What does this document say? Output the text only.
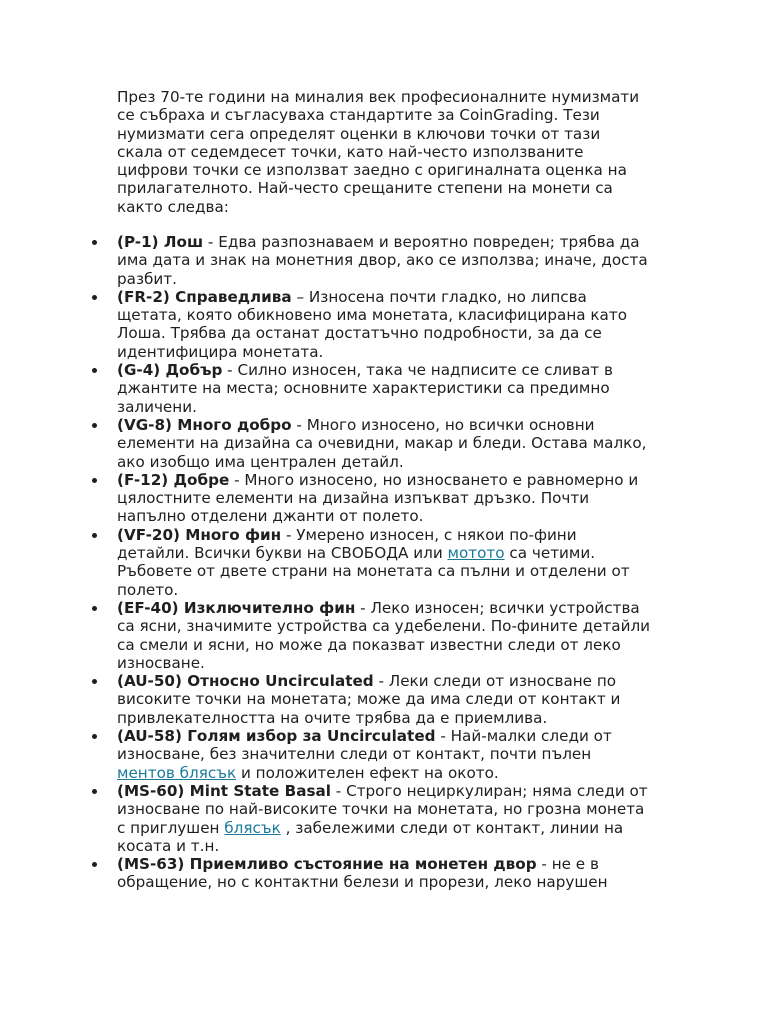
През 70-те години на миналия век професионалните нумизмати се събраха и съгласуваха стандартите за CoinGrading. Тези нумизмати сега определят оценки в ключови точки от тази скала от седемдесет точки, като най-често използваните цифрови точки се използват заедно с оригиналната оценка на прилагателното. Най-често срещаните степени на монети са както следва:

(P-1) Лош - Едва разпознаваем и вероятно повреден; трябва да има дата и знак на монетния двор, ако се използва; иначе, доста разбит.
(FR-2) Справедлива – Износена почти гладко, но липсва щетата, която обикновено има монетата, класифицирана като Лоша. Трябва да останат достатъчно подробности, за да се идентифицира монетата.
(G-4) Добър - Силно износен, така че надписите се сливат в джантите на места; основните характеристики са предимно заличени.
(VG-8) Много добро - Много износено, но всички основни елементи на дизайна са очевидни, макар и бледи. Остава малко, ако изобщо има централен детайл.
(F-12) Добре - Много износено, но износването е равномерно и цялостните елементи на дизайна изпъкват дръзко. Почти напълно отделени джанти от полето.
(VF-20) Много фин - Умерено износен, с някои по-фини детайли. Всички букви на СВОБОДА или мотото са четими. Ръбовете от двете страни на монетата са пълни и отделени от полето.
(EF-40) Изключително фин - Леко износен; всички устройства са ясни, значимите устройства са удебелени. По-фините детайли са смели и ясни, но може да показват известни следи от леко износване.
(AU-50) Относно Uncirculated - Леки следи от износване по високите точки на монетата; може да има следи от контакт и привлекателността на очите трябва да е приемлива.
(AU-58) Голям избор за Uncirculated - Най-малки следи от износване, без значителни следи от контакт, почти пълен ментов блясък и положителен ефект на окото.
(MS-60) Mint State Basal - Строго нециркулиран; няма следи от износване по най-високите точки на монетата, но грозна монета с приглушен блясък , забележими следи от контакт, линии на косата и т.н.
(MS-63) Приемливо състояние на монетен двор - не е в обращение, но с контактни белези и прорези, леко нарушен
